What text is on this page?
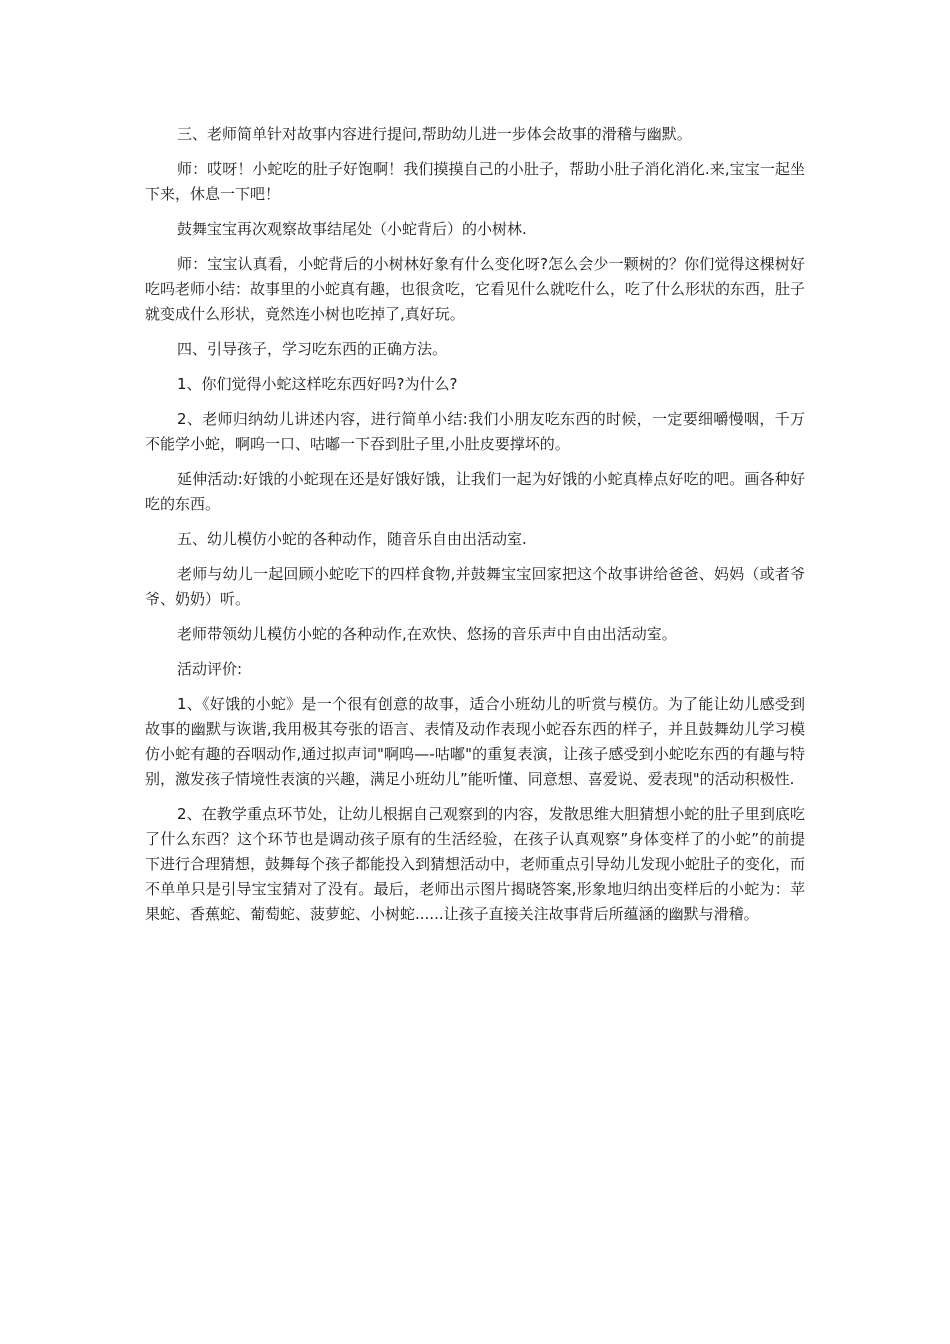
三、老师简单针对故事内容进行提问,帮助幼儿进一步体会故事的滑稽与幽默。

师：哎呀！小蛇吃的肚子好饱啊！我们摸摸自己的小肚子，帮助小肚子消化消化.来,宝宝一起坐下来，休息一下吧！

鼓舞宝宝再次观察故事结尾处（小蛇背后）的小树林.

师：宝宝认真看，小蛇背后的小树林好象有什么变化呀?怎么会少一颗树的？你们觉得这棵树好吃吗老师小结：故事里的小蛇真有趣，也很贪吃，它看见什么就吃什么，吃了什么形状的东西，肚子就变成什么形状，竟然连小树也吃掉了,真好玩。

四、引导孩子，学习吃东西的正确方法。

1、你们觉得小蛇这样吃东西好吗?为什么?

2、老师归纳幼儿讲述内容，进行简单小结:我们小朋友吃东西的时候，一定要细嚼慢咽，千万不能学小蛇，啊呜一口、咕嘟一下吞到肚子里,小肚皮要撑坏的。

延伸活动:好饿的小蛇现在还是好饿好饿，让我们一起为好饿的小蛇真棒点好吃的吧。画各种好吃的东西。

五、幼儿模仿小蛇的各种动作，随音乐自由出活动室.

老师与幼儿一起回顾小蛇吃下的四样食物,并鼓舞宝宝回家把这个故事讲给爸爸、妈妈（或者爷爷、奶奶）听。

老师带领幼儿模仿小蛇的各种动作,在欢快、悠扬的音乐声中自由出活动室。

活动评价:

1、《好饿的小蛇》是一个很有创意的故事，适合小班幼儿的听赏与模仿。为了能让幼儿感受到故事的幽默与诙谐,我用极其夸张的语言、表情及动作表现小蛇吞东西的样子，并且鼓舞幼儿学习模仿小蛇有趣的吞咽动作,通过拟声词"啊呜—-咕嘟"的重复表演，让孩子感受到小蛇吃东西的有趣与特别，激发孩子情境性表演的兴趣，满足小班幼儿”能听懂、同意想、喜爱说、爱表现"的活动积极性.

2、在教学重点环节处，让幼儿根据自己观察到的内容，发散思维大胆猜想小蛇的肚子里到底吃了什么东西？这个环节也是调动孩子原有的生活经验，在孩子认真观察”身体变样了的小蛇”的前提下进行合理猜想，鼓舞每个孩子都能投入到猜想活动中，老师重点引导幼儿发现小蛇肚子的变化，而不单单只是引导宝宝猜对了没有。最后，老师出示图片揭晓答案,形象地归纳出变样后的小蛇为：苹果蛇、香蕉蛇、葡萄蛇、菠萝蛇、小树蛇......让孩子直接关注故事背后所蕴涵的幽默与滑稽。
